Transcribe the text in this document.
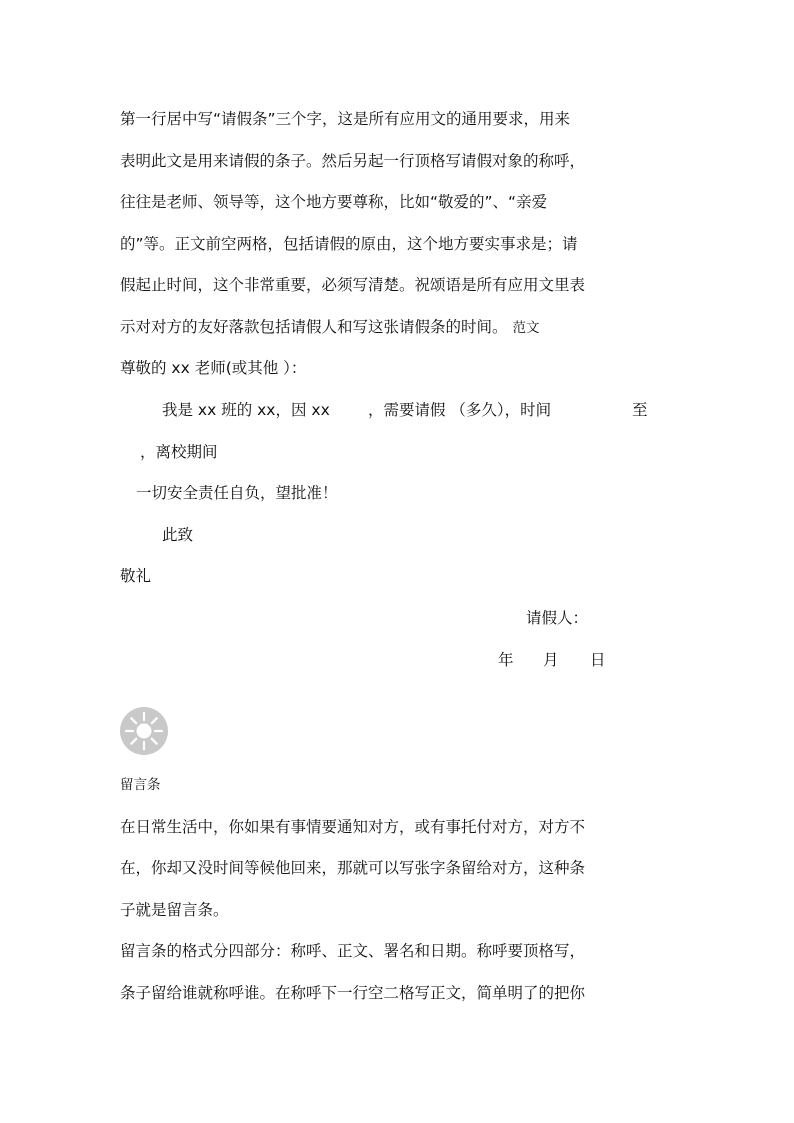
第一行居中写“请假条”三个字，这是所有应用文的通用要求，用来
表明此文是用来请假的条子。然后另起一行顶格写请假对象的称呼，
往往是老师、领导等，这个地方要尊称，比如“敬爱的”、“亲爱
的”等。正文前空两格，包括请假的原由，这个地方要实事求是；请
假起止时间，这个非常重要，必须写清楚。祝颂语是所有应用文里表
示对对方的友好落款包括请假人和写这张请假条的时间。 范文
尊敬的 xx 老师(或其他 ）：
我是 xx 班的 xx，因 xx ，需要请假 （多久），时间	至
，离校期间
一切安全责任自负，望批准！
此致
敬礼
请假人：
年 月 日
留言条
在日常生活中，你如果有事情要通知对方，或有事托付对方，对方不
在，你却又没时间等候他回来，那就可以写张字条留给对方，这种条
子就是留言条。
留言条的格式分四部分：称呼、正文、署名和日期。称呼要顶格写，
条子留给谁就称呼谁。在称呼下一行空二格写正文，简单明了的把你
